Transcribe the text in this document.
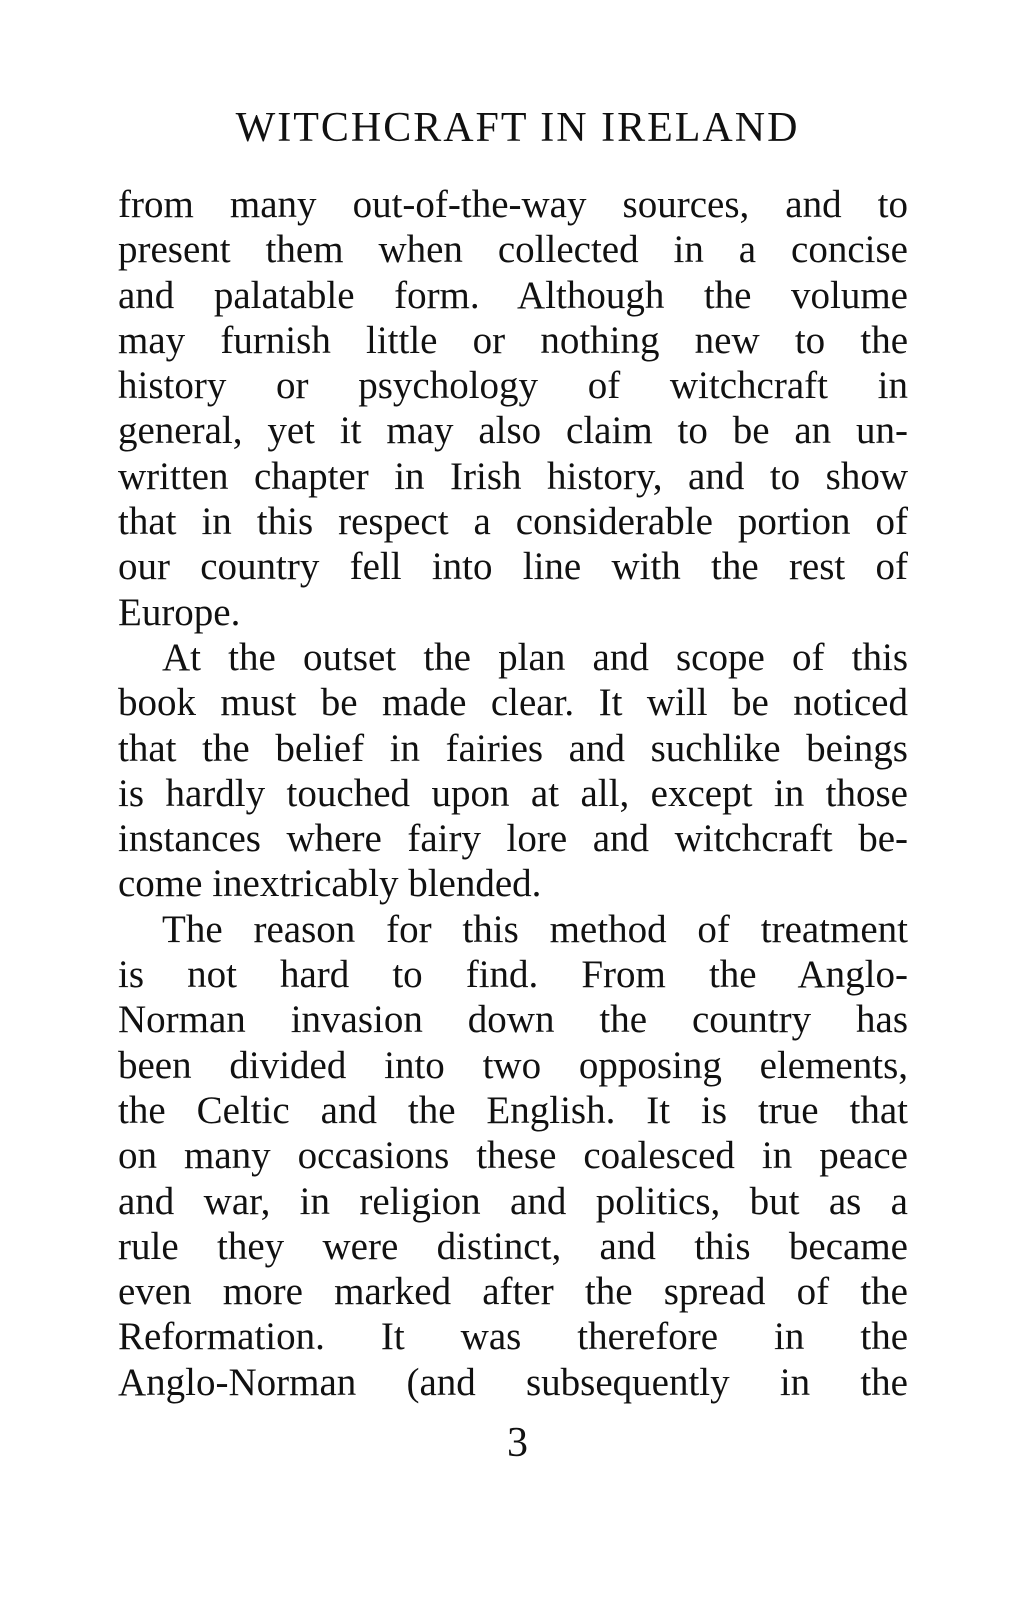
WITCHCRAFT IN IRELAND
from many out-of-the-way sources, and to
present them when collected in a concise
and palatable form. Although the volume
may furnish little or nothing new to the
history or psychology of witchcraft in
general, yet it may also claim to be an un-
written chapter in Irish history, and to show
that in this respect a considerable portion of
our country fell into line with the rest of
Europe.
At the outset the plan and scope of this
book must be made clear. It will be noticed
that the belief in fairies and suchlike beings
is hardly touched upon at all, except in those
instances where fairy lore and witchcraft be-
come inextricably blended.
The reason for this method of treatment
is not hard to find. From the Anglo-
Norman invasion down the country has
been divided into two opposing elements,
the Celtic and the English. It is true that
on many occasions these coalesced in peace
and war, in religion and politics, but as a
rule they were distinct, and this became
even more marked after the spread of the
Reformation. It was therefore in the
Anglo-Norman (and subsequently in the
3
